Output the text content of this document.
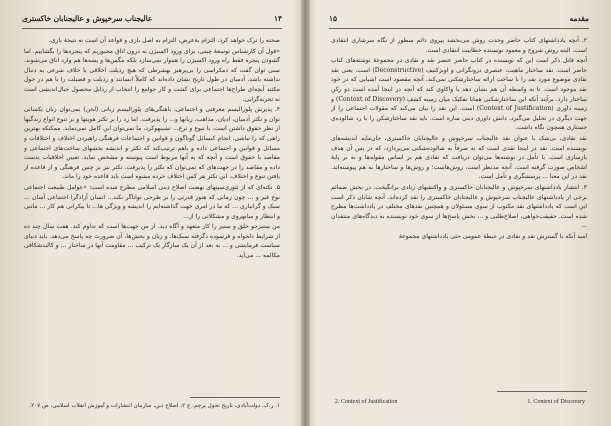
۱۴
عالیجناب سرخپوش و عالیجنابان خاکستری

صحنه را ترک خواهد کرد. التزام بهٔ‌عرض، التزام به اصل بازی و قواعد آن است نه نتیجهٔ بازی.

«قول آن کارشناس توسعهٔ چینی، برای ورود اکسیژن به درون اتاق مجبوریم که پنجره‌ها را بگشاییم. اما گشودن پنجره فقط راه ورود اکسیژن را هموار نمی‌سازد بلکه مگس‌ها و پشه‌ها هم وارد اتاق می‌شوند. سنی توان گفت که دمکراسی را بی‌پرهیز بهشرطی که هیچ رذیلت اخلاقی یا خلاف شرعی به دنبال نداشته باشد. آدمیان در طول تاریخ نشان داده‌اند که کاملاً انسانند و رذیلت و فضیلت را با هم در حول مکتند آنچه‌ای طراح‌ها اجتماعی برای کشت و کار جوامع را انتخاب از رذایل محصول خیال‌اندیشی است نه تجربه‌گرایی.

۴. پذیرش پلورالیسم معرفتی و اجتماعی، باهنگی‌های پلورالیسم زبانی (لحن) نمی‌توان زبان یکسانی توان و تکثر آدمیان، ادیان، مذاهب، زبانها و... را پذیرفت. اما رد را بر تکثر هویتها و بر تنوع انواع زندگیها از نظر حقوق داشتن است. با تنوع و ترغ... تشیبهوکرد، ما نمی‌توان این کامل نمی‌نماید. ممکنکه بهترین راهی که را نباشی. انجام کنسائل گوناگون و قوانین و اجتماعات فرهنگی راهبردن اختلاف و اختلافات و مسائل و قوانین و اجتماعی داده و باهم ترتیب‌کند که تکثر و اندیشه بخشهای ساخت‌های اجتماعی و مقاصد با حقوق است و آنچه که به آنها مربوط است پیوسته و مشخص نماید. تعیین اخلاقیات بدست داده و مقاصد را در جهت‌های که نمی‌توان که تکثر را پذیرفت. تکثر نیز بر چنین فرهنگی و از قاعده از یافتن تنوع و اختلاف. این تکثر هر کس اختلاف خرده مشوه است باید قاعده خود را ماند.

۵. نکته‌ای که از تئوری‌سینهای نهضت اصلاح دینی اسلامی مطرح شده است: «عوامل طبیعت اجتماعی نوع غیر و ... چون زمانی که هنوز قدرتی را بر طرحی تواناگر نکند... انسان آزادگرا اجتماعی آسان ... سبک و گرانباری ... که ما در امری جهت گذاشته‌ایم را اندیشه و ویژگی ها... تا بیکرانی هم کار ... ماتنی و انتظار و میانهروی و مشکلاتی را از...

من ستیزجو خلق و ستیز را کار متعهد و آگاه دید. از من جهت‌ها است که تداوم کند. هفت سال چند ده از شرایط دلخواه و فرسوده دگرفته سبک‌ها، و زبان و بخش‌ها، آن ضرورت چه پاسخ می‌دهد. باید دنیای سیاست فرمایشی و ... به بعد از آن یک سازگار یک ترکیب ... مقاومت آنها در ساختار ... و کالبدشکافی مکالمه ... می‌آید.

۱. ر.ک. دولت‌آبادی، تاریخ تحول پرچم، ج ۲، اصلاح دین، سازمان انتشارات و آموزش انقلاب اسلامی، ص ۲۰۷.
۱۵	مقدمه

۲. آنچه یادداشتهای کتاب حاضر وحدت روش می‌بخشد پیروی دائم سطور از نگاه سرشاری انتقادی است. البته روش شروح و معمود نویسنده خطابیت انتقادی است.

آنچه قابل ذکر است این که نویسنده در کتاب حاضر عنصر نقد و نقادی در مجموعهٔ نوشته‌های کتاب حاضر است. نقد ساختار ماهیت، عنصری درونگرانی و اوبژکتیف (Deconstructive) است. یعنی نقد نقادی موضوع مورد نقد را با ساخت ارائه ساختارشکنی نمی‌کند. آنچه مقصود است اشیایی که در خود نقد موجود است، تا به واسطه آن هم نشان دهد یا واکاوی کند که آنچه در اینجا آمده است دو رکن ساختار دارد. برآیند آنکه این ساختارشکنی همانا تفکیک میان زمینه کشف (Context of Discovery) و زمینه داوری (Context of Justification) است. این نقد را بیان می‌کند که مقولات اجتماعی را از جهت دیگری در تحلیل می‌گیرد. دانش داوری دینی سازه است. باید نقد ساختارشکن را با رد شالوده‌ی جستاری همچون نگاه داشت.

نقد نقادی، بی‌شک با عنوان نقد عالیجناب سرخپوش و عالیجنابان خاکستری، جان‌مایه اندیشه‌های نویسنده است. نقد در اینجا نقدی است که نه صرفاً به شالوده‌شکنی می‌پردازد، که در پس آن هدف بازسازی است. با تأمل در نوشته‌ها می‌توان دریافت که نقادی هم بر اساس مقوله‌ها و نه بر پایهٔ اشخاص صورت گرفته است. آنچه مدنظر است، روش‌هاست؛ و روش‌ها و ساختارها به هم پیوسته‌اند. نقد در این معنا ... پرسشگری و تأمل است.

۳. انتشار یادداشتهای سرخپوش و عالیجنابان خاکستری و واکنشهای زیادی برانگیخت. در بخش ضمائم برخی از یادداشتهای عالیجناب سرخپوش و عالیجنابان خاکستری را نقد کرده‌اند. آنچه شایان ذکر است این است که یادداشتهای نقد مکتوب از سوی مسئولان و همچنین نقدهای مختلف در یادداشت‌ها مطرح شده است. حقیقت‌خواهی، اصلاح‌طلبی و ... بخش پاسخ‌ها از سوی خود نویسنده به دیدگاه‌های منتقدان ...

امید آنکه با گسترش نقد و نقادی در حیطهٔ عمومی حتی یادداشتهای مجموعهٔ

1. Context of Discovery
2. Context of Justification
